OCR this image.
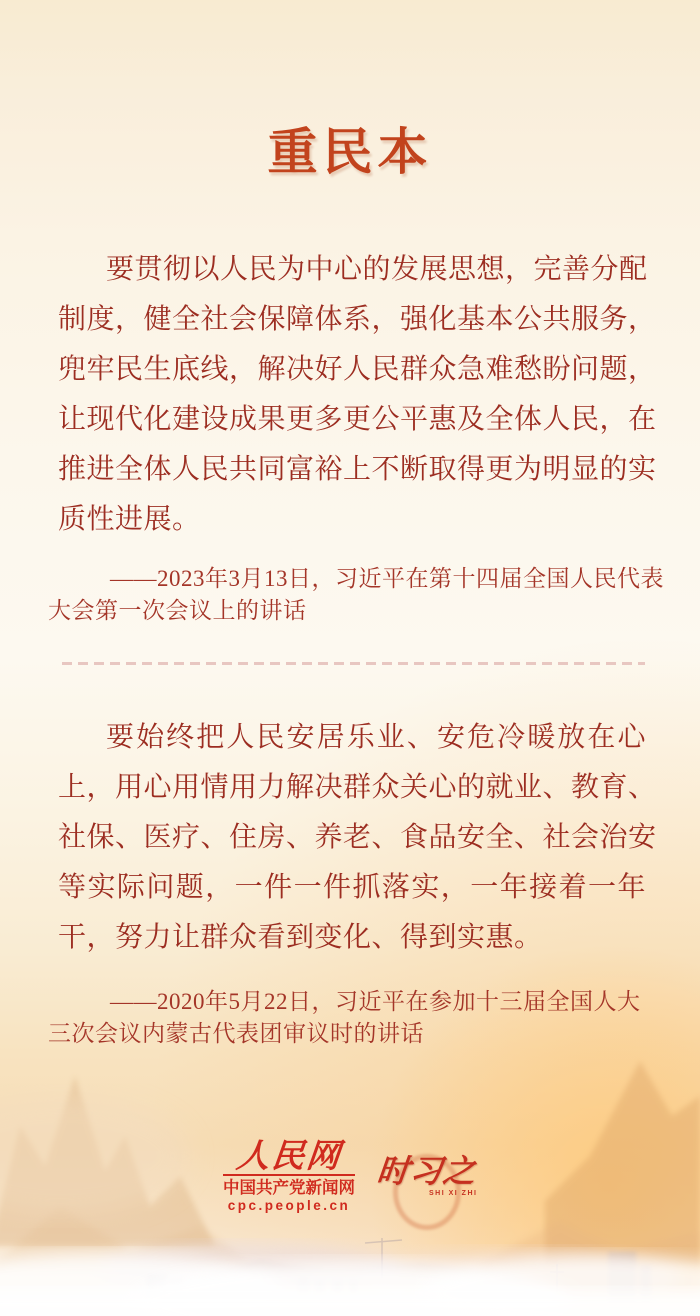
重民本
要贯彻以人民为中心的发展思想，完善分配
制度，健全社会保障体系，强化基本公共服务，
兜牢民生底线，解决好人民群众急难愁盼问题，
让现代化建设成果更多更公平惠及全体人民，在
推进全体人民共同富裕上不断取得更为明显的实
质性进展。
——2023年3月13日，习近平在第十四届全国人民代表
大会第一次会议上的讲话
要始终把人民安居乐业、安危冷暖放在心
上，用心用情用力解决群众关心的就业、教育、
社保、医疗、住房、养老、食品安全、社会治安
等实际问题，一件一件抓落实，一年接着一年
干，努力让群众看到变化、得到实惠。
——2020年5月22日，习近平在参加十三届全国人大
三次会议内蒙古代表团审议时的讲话
人民网
中国共产党新闻网
cpc.people.cn
时习之
SHI XI ZHI
